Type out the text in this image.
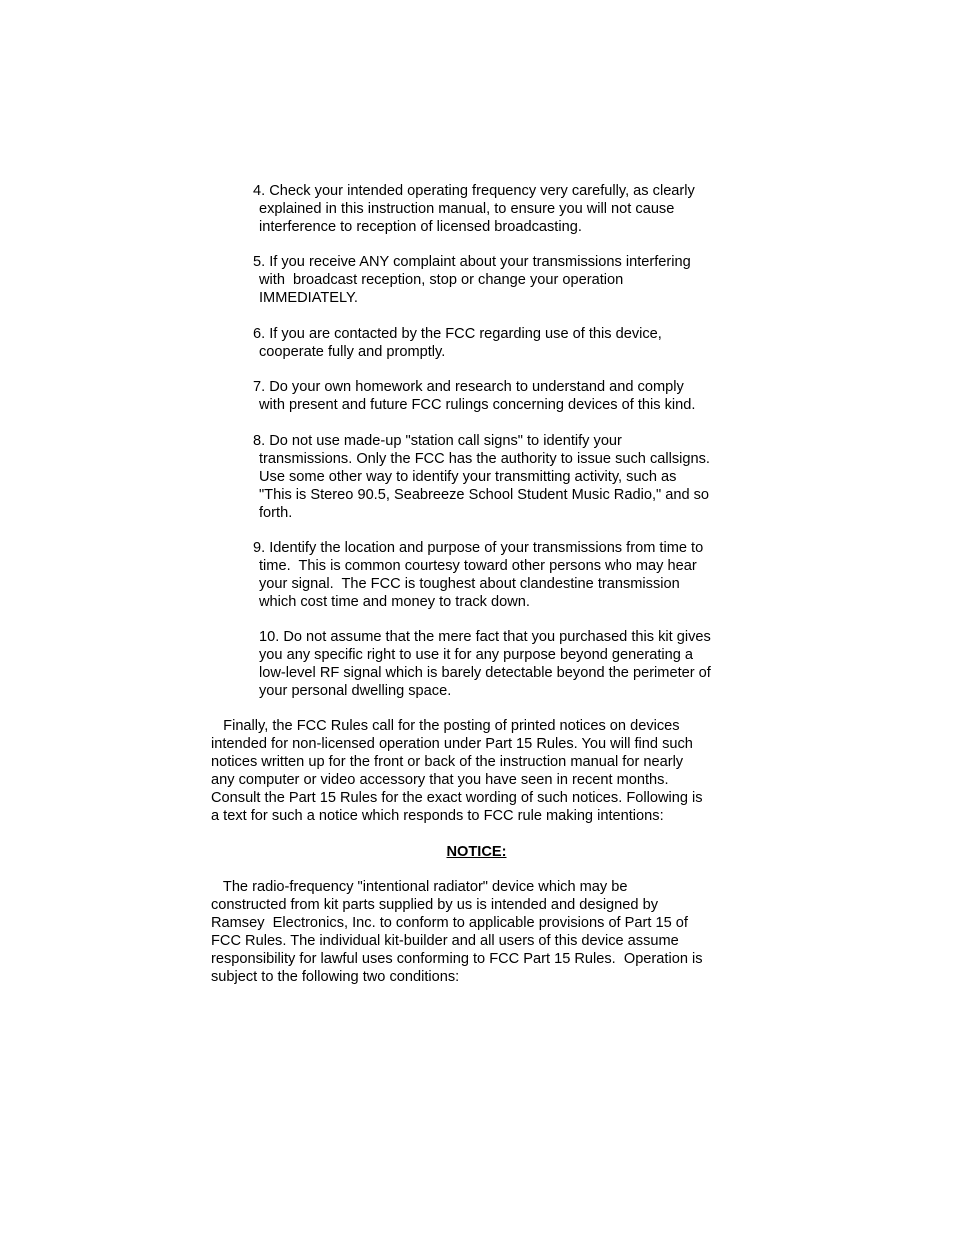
4. Check your intended operating frequency very carefully, as clearly
explained in this instruction manual, to ensure you will not cause
interference to reception of licensed broadcasting.
5. If you receive ANY complaint about your transmissions interfering
with  broadcast reception, stop or change your operation
IMMEDIATELY.
6. If you are contacted by the FCC regarding use of this device,
cooperate fully and promptly.
7. Do your own homework and research to understand and comply
with present and future FCC rulings concerning devices of this kind.
8. Do not use made-up "station call signs" to identify your
transmissions. Only the FCC has the authority to issue such callsigns.
Use some other way to identify your transmitting activity, such as
"This is Stereo 90.5, Seabreeze School Student Music Radio," and so
forth.
9. Identify the location and purpose of your transmissions from time to
time.  This is common courtesy toward other persons who may hear
your signal.  The FCC is toughest about clandestine transmission
which cost time and money to track down.
10. Do not assume that the mere fact that you purchased this kit gives
you any specific right to use it for any purpose beyond generating a
low-level RF signal which is barely detectable beyond the perimeter of
your personal dwelling space.
Finally, the FCC Rules call for the posting of printed notices on devices
intended for non-licensed operation under Part 15 Rules. You will find such
notices written up for the front or back of the instruction manual for nearly
any computer or video accessory that you have seen in recent months.
Consult the Part 15 Rules for the exact wording of such notices. Following is
a text for such a notice which responds to FCC rule making intentions:
NOTICE:
The radio-frequency "intentional radiator" device which may be
constructed from kit parts supplied by us is intended and designed by
Ramsey  Electronics, Inc. to conform to applicable provisions of Part 15 of
FCC Rules. The individual kit-builder and all users of this device assume
responsibility for lawful uses conforming to FCC Part 15 Rules.  Operation is
subject to the following two conditions:
